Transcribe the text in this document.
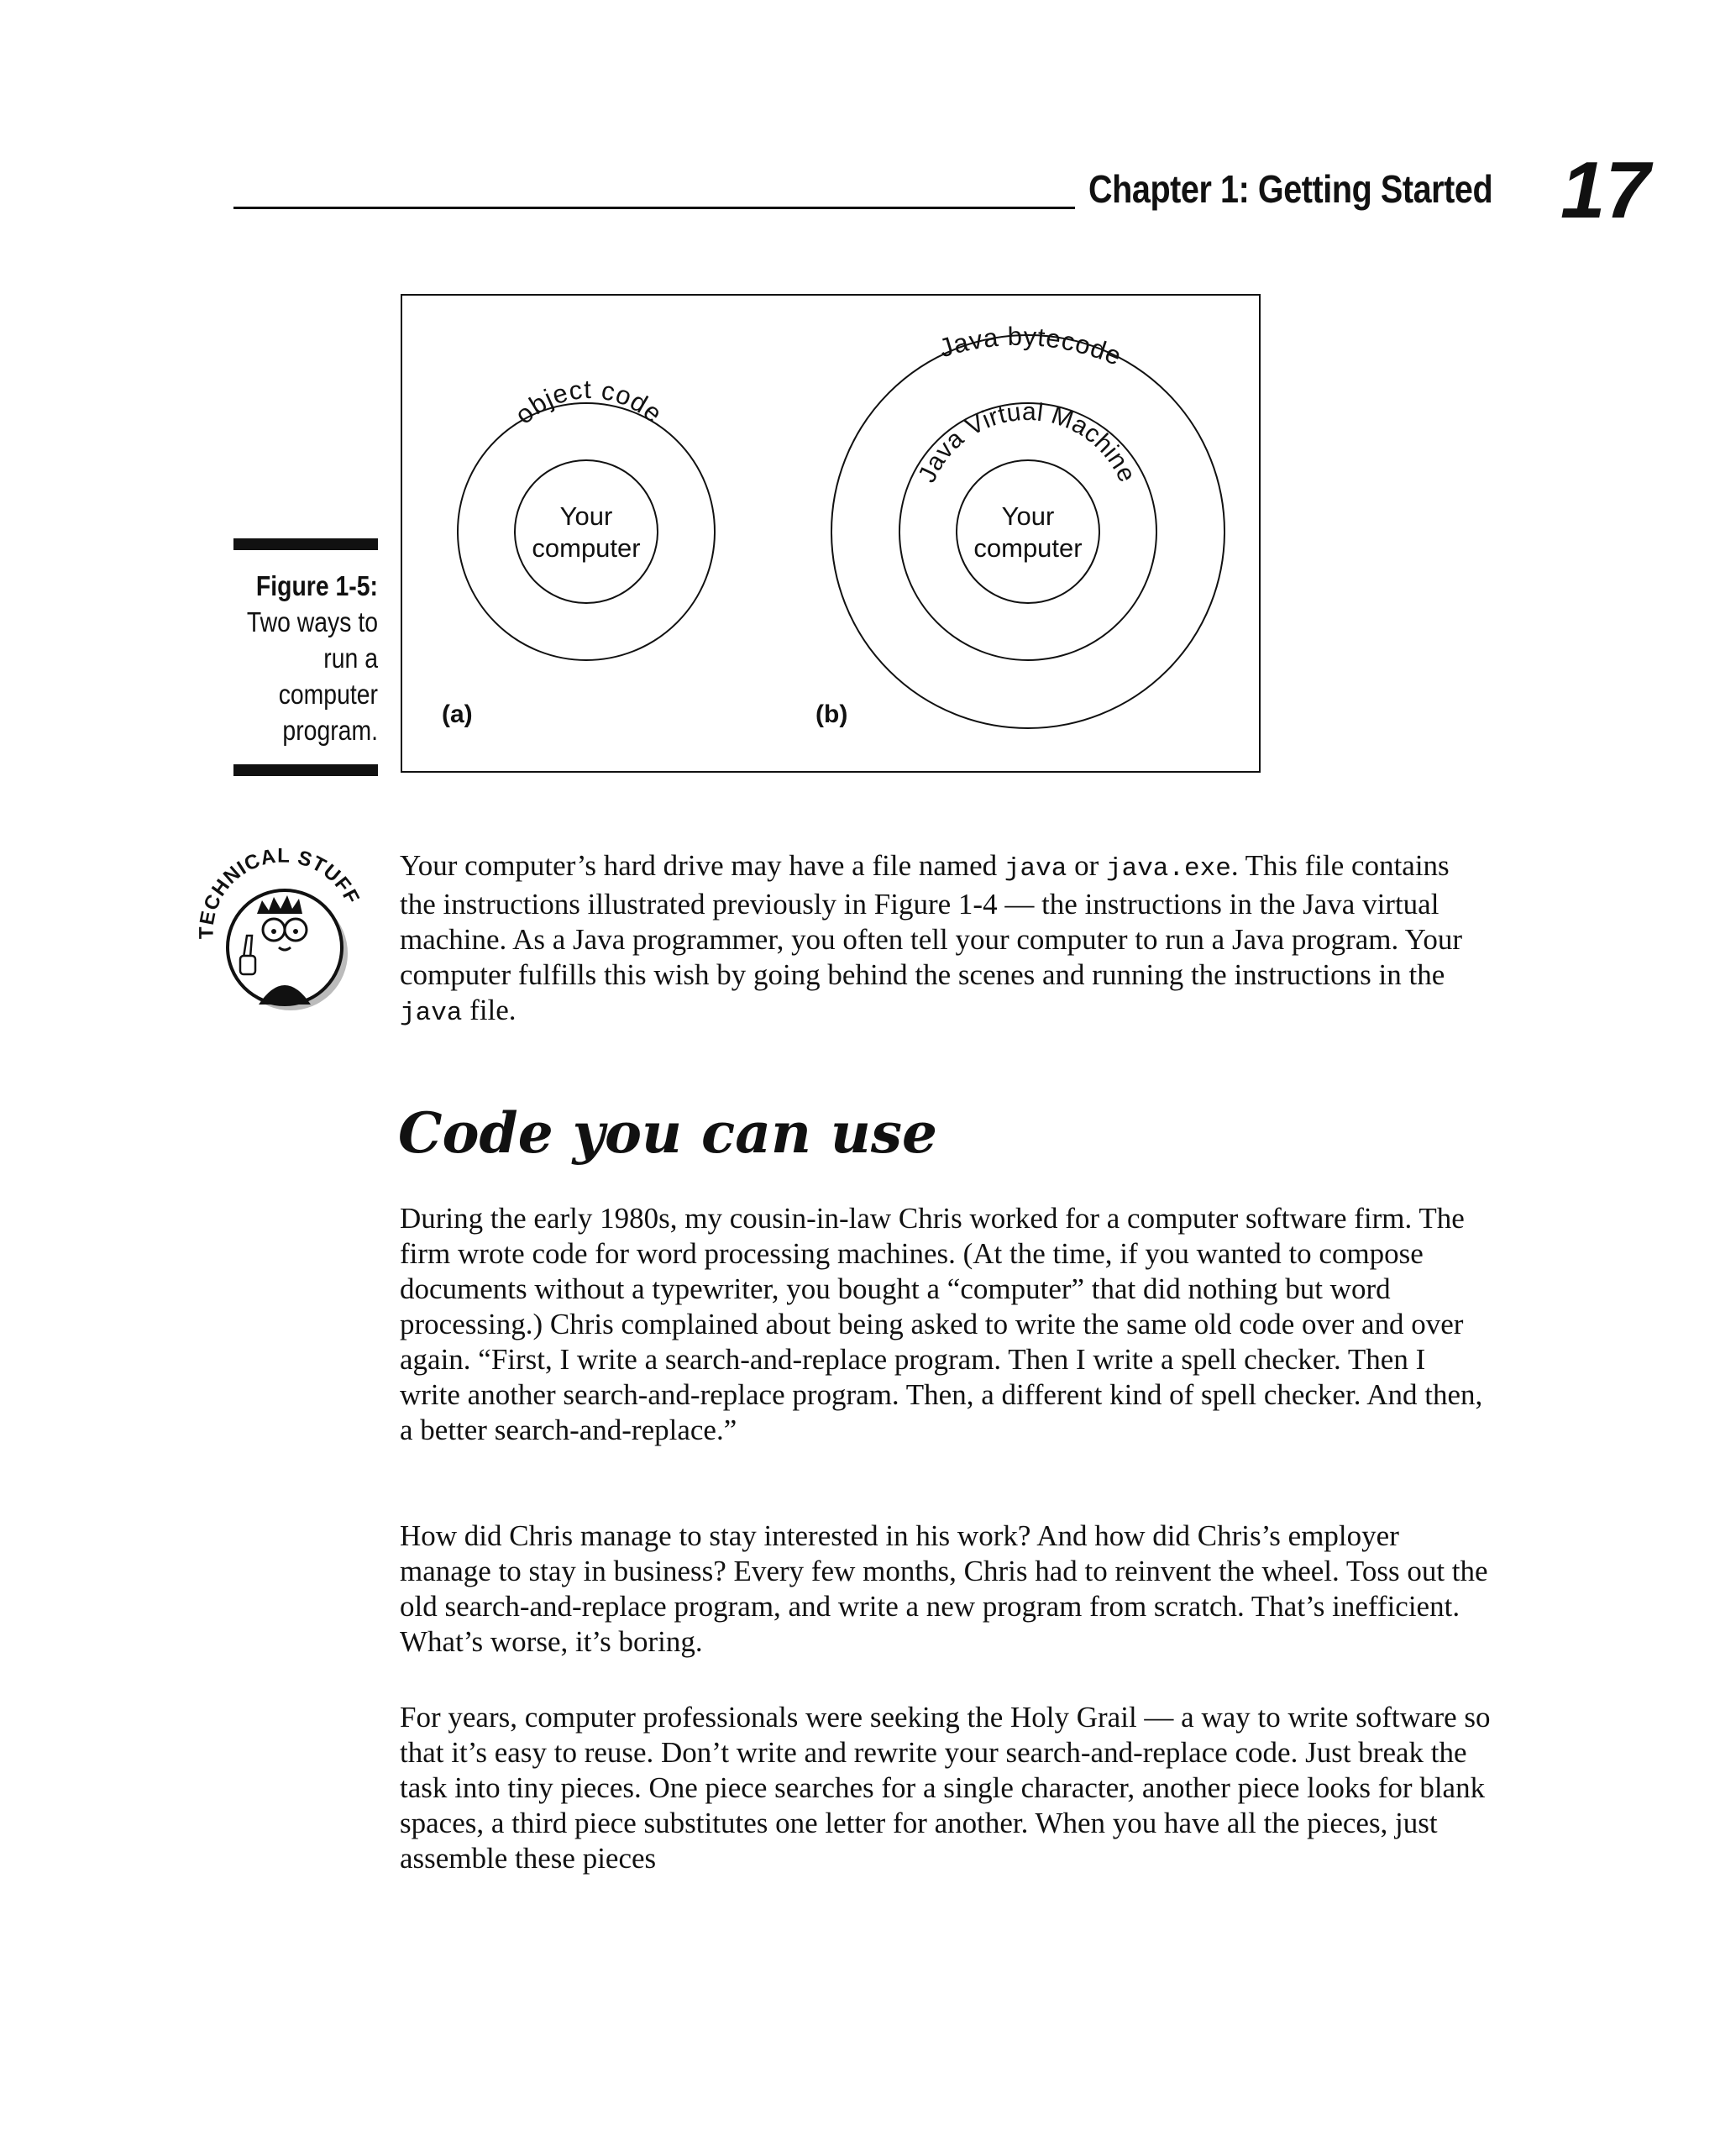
Chapter 1: Getting Started 17
Figure 1-5:
Two ways to run a computer program.
object code
Your
computer
(a)
Java bytecode
Java Virtual Machine
Your
computer
(b)
TECHNICAL STUFF

Your computer’s hard drive may have a file named java or java.exe. This file contains the instructions illustrated previously in Figure 1-4 — the instructions in the Java virtual machine. As a Java programmer, you often tell your computer to run a Java program. Your computer fulfills this wish by going behind the scenes and running the instructions in the java file.

Code you can use
During the early 1980s, my cousin-in-law Chris worked for a computer software firm. The firm wrote code for word processing machines. (At the time, if you wanted to compose documents without a typewriter, you bought a “computer” that did nothing but word processing.) Chris complained about being asked to write the same old code over and over again. “First, I write a search-and-replace program. Then I write a spell checker. Then I write another search-and-replace program. Then, a different kind of spell checker. And then, a better search-and-replace.”
How did Chris manage to stay interested in his work? And how did Chris’s employer manage to stay in business? Every few months, Chris had to reinvent the wheel. Toss out the old search-and-replace program, and write a new program from scratch. That’s inefficient. What’s worse, it’s boring.
For years, computer professionals were seeking the Holy Grail — a way to write software so that it’s easy to reuse. Don’t write and rewrite your search-and-replace code. Just break the task into tiny pieces. One piece searches for a single character, another piece looks for blank spaces, a third piece substitutes one letter for another. When you have all the pieces, just assemble these pieces
